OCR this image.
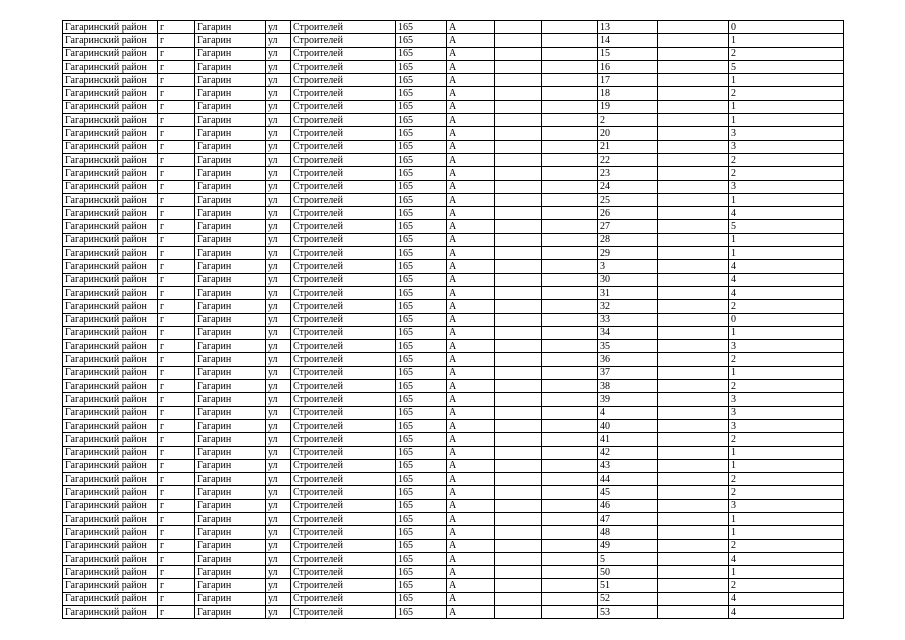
Гагаринский район	г	Гагарин	ул	Строителей	165	А			13		0
Гагаринский район	г	Гагарин	ул	Строителей	165	А			14		1
Гагаринский район	г	Гагарин	ул	Строителей	165	А			15		2
Гагаринский район	г	Гагарин	ул	Строителей	165	А			16		5
Гагаринский район	г	Гагарин	ул	Строителей	165	А			17		1
Гагаринский район	г	Гагарин	ул	Строителей	165	А			18		2
Гагаринский район	г	Гагарин	ул	Строителей	165	А			19		1
Гагаринский район	г	Гагарин	ул	Строителей	165	А			2		1
Гагаринский район	г	Гагарин	ул	Строителей	165	А			20		3
Гагаринский район	г	Гагарин	ул	Строителей	165	А			21		3
Гагаринский район	г	Гагарин	ул	Строителей	165	А			22		2
Гагаринский район	г	Гагарин	ул	Строителей	165	А			23		2
Гагаринский район	г	Гагарин	ул	Строителей	165	А			24		3
Гагаринский район	г	Гагарин	ул	Строителей	165	А			25		1
Гагаринский район	г	Гагарин	ул	Строителей	165	А			26		4
Гагаринский район	г	Гагарин	ул	Строителей	165	А			27		5
Гагаринский район	г	Гагарин	ул	Строителей	165	А			28		1
Гагаринский район	г	Гагарин	ул	Строителей	165	А			29		1
Гагаринский район	г	Гагарин	ул	Строителей	165	А			3		4
Гагаринский район	г	Гагарин	ул	Строителей	165	А			30		4
Гагаринский район	г	Гагарин	ул	Строителей	165	А			31		4
Гагаринский район	г	Гагарин	ул	Строителей	165	А			32		2
Гагаринский район	г	Гагарин	ул	Строителей	165	А			33		0
Гагаринский район	г	Гагарин	ул	Строителей	165	А			34		1
Гагаринский район	г	Гагарин	ул	Строителей	165	А			35		3
Гагаринский район	г	Гагарин	ул	Строителей	165	А			36		2
Гагаринский район	г	Гагарин	ул	Строителей	165	А			37		1
Гагаринский район	г	Гагарин	ул	Строителей	165	А			38		2
Гагаринский район	г	Гагарин	ул	Строителей	165	А			39		3
Гагаринский район	г	Гагарин	ул	Строителей	165	А			4		3
Гагаринский район	г	Гагарин	ул	Строителей	165	А			40		3
Гагаринский район	г	Гагарин	ул	Строителей	165	А			41		2
Гагаринский район	г	Гагарин	ул	Строителей	165	А			42		1
Гагаринский район	г	Гагарин	ул	Строителей	165	А			43		1
Гагаринский район	г	Гагарин	ул	Строителей	165	А			44		2
Гагаринский район	г	Гагарин	ул	Строителей	165	А			45		2
Гагаринский район	г	Гагарин	ул	Строителей	165	А			46		3
Гагаринский район	г	Гагарин	ул	Строителей	165	А			47		1
Гагаринский район	г	Гагарин	ул	Строителей	165	А			48		1
Гагаринский район	г	Гагарин	ул	Строителей	165	А			49		2
Гагаринский район	г	Гагарин	ул	Строителей	165	А			5		4
Гагаринский район	г	Гагарин	ул	Строителей	165	А			50		1
Гагаринский район	г	Гагарин	ул	Строителей	165	А			51		2
Гагаринский район	г	Гагарин	ул	Строителей	165	А			52		4
Гагаринский район	г	Гагарин	ул	Строителей	165	А			53		4
